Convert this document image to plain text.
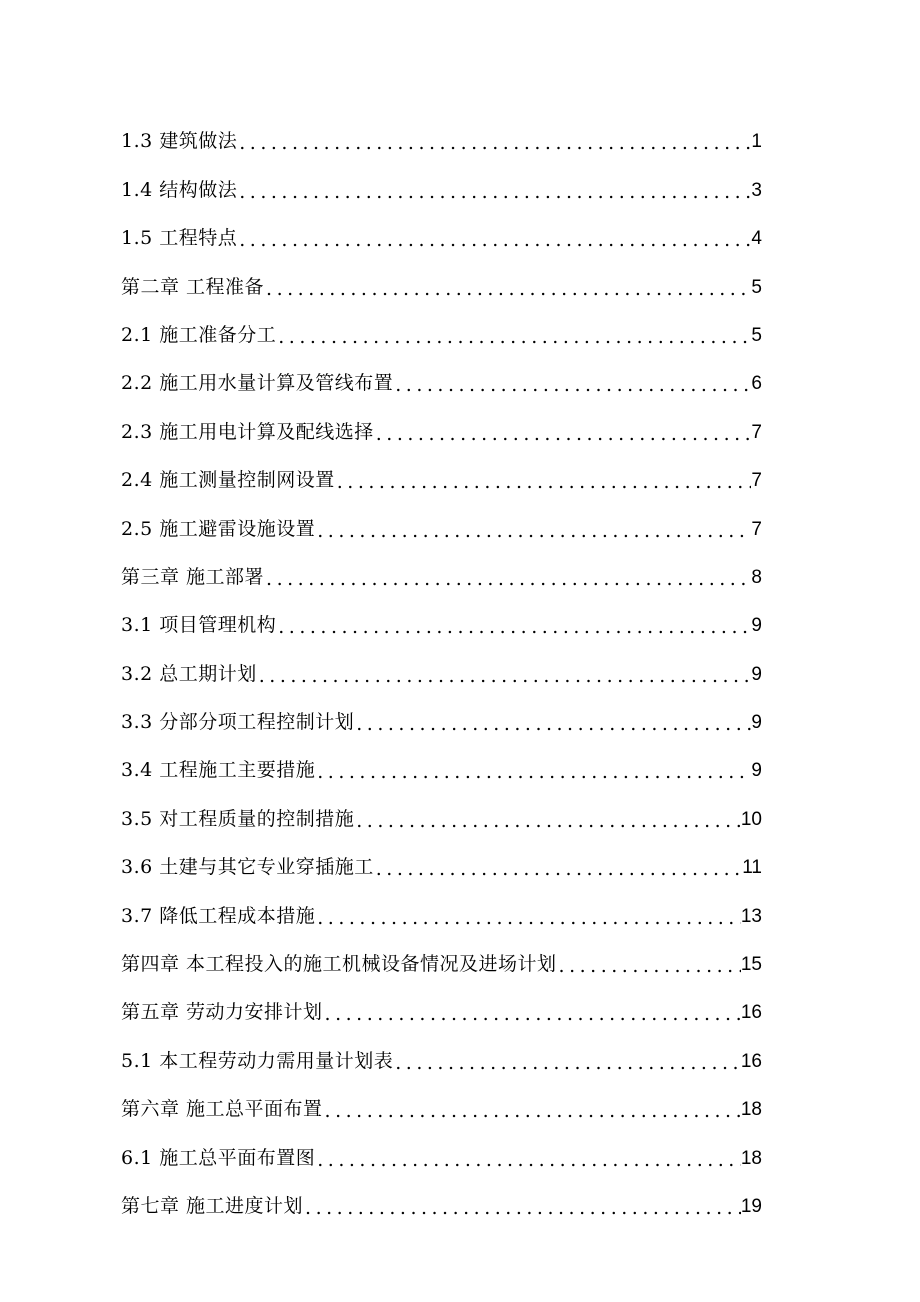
1.3 建筑做法 .....	1
1.4 结构做法 .....	3
1.5 工程特点 .....	4
第二章 工程准备 .....	5
2.1 施工准备分工 .....	5
2.2 施工用水量计算及管线布置 .....	6
2.3 施工用电计算及配线选择 .....	7
2.4 施工测量控制网设置 .....	7
2.5 施工避雷设施设置 .....	7
第三章 施工部署 .....	8
3.1 项目管理机构 .....	9
3.2 总工期计划 .....	9
3.3 分部分项工程控制计划 .....	9
3.4 工程施工主要措施 .....	9
3.5 对工程质量的控制措施 .....	10
3.6 土建与其它专业穿插施工 .....	11
3.7 降低工程成本措施 .....	13
第四章 本工程投入的施工机械设备情况及进场计划 .....	15
第五章 劳动力安排计划 .....	16
5.1 本工程劳动力需用量计划表 .....	16
第六章 施工总平面布置 .....	18
6.1 施工总平面布置图 .....	18
第七章 施工进度计划 .....	19
